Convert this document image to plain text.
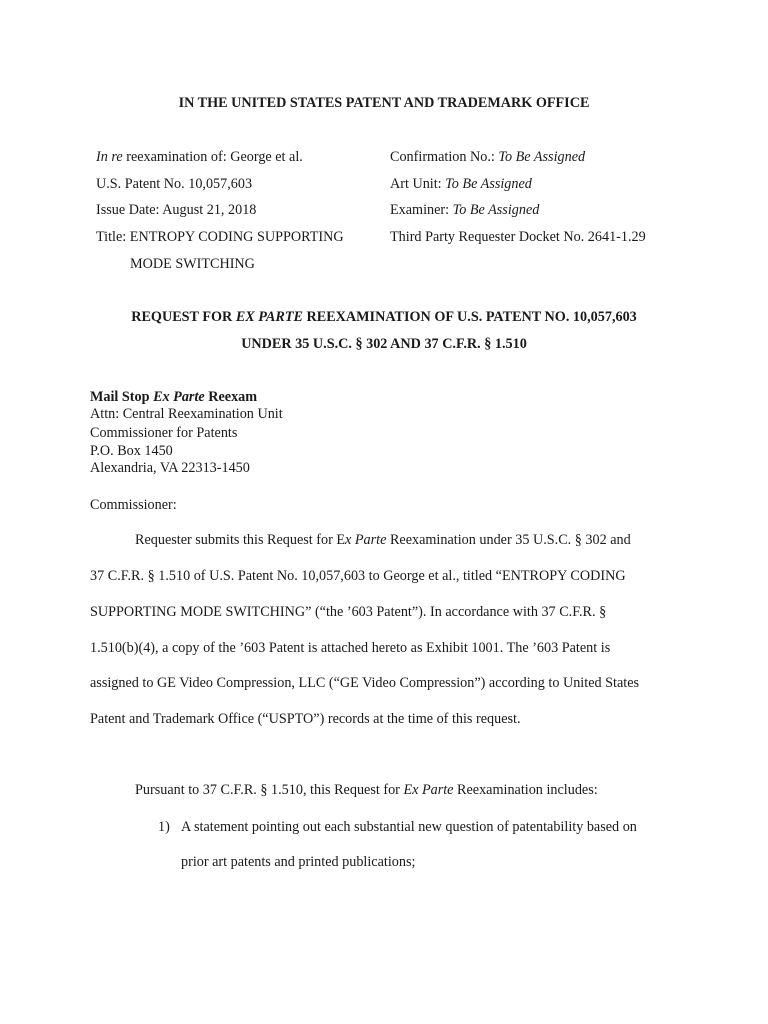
IN THE UNITED STATES PATENT AND TRADEMARK OFFICE
In re reexamination of: George et al.
U.S. Patent No. 10,057,603
Issue Date: August 21, 2018
Title: ENTROPY CODING SUPPORTING
MODE SWITCHING
Confirmation No.: To Be Assigned
Art Unit: To Be Assigned
Examiner: To Be Assigned
Third Party Requester Docket No. 2641-1.29
REQUEST FOR EX PARTE REEXAMINATION OF U.S. PATENT NO. 10,057,603
UNDER 35 U.S.C. § 302 AND 37 C.F.R. § 1.510
Mail Stop Ex Parte Reexam
Attn: Central Reexamination Unit
Commissioner for Patents
P.O. Box 1450
Alexandria, VA 22313-1450
Commissioner:
Requester submits this Request for Ex Parte Reexamination under 35 U.S.C. § 302 and
37 C.F.R. § 1.510 of U.S. Patent No. 10,057,603 to George et al., titled “ENTROPY CODING
SUPPORTING MODE SWITCHING” (“the ’603 Patent”). In accordance with 37 C.F.R. §
1.510(b)(4), a copy of the ’603 Patent is attached hereto as Exhibit 1001. The ’603 Patent is
assigned to GE Video Compression, LLC (“GE Video Compression”) according to United States
Patent and Trademark Office (“USPTO”) records at the time of this request.
Pursuant to 37 C.F.R. § 1.510, this Request for Ex Parte Reexamination includes:
1) A statement pointing out each substantial new question of patentability based on
prior art patents and printed publications;
